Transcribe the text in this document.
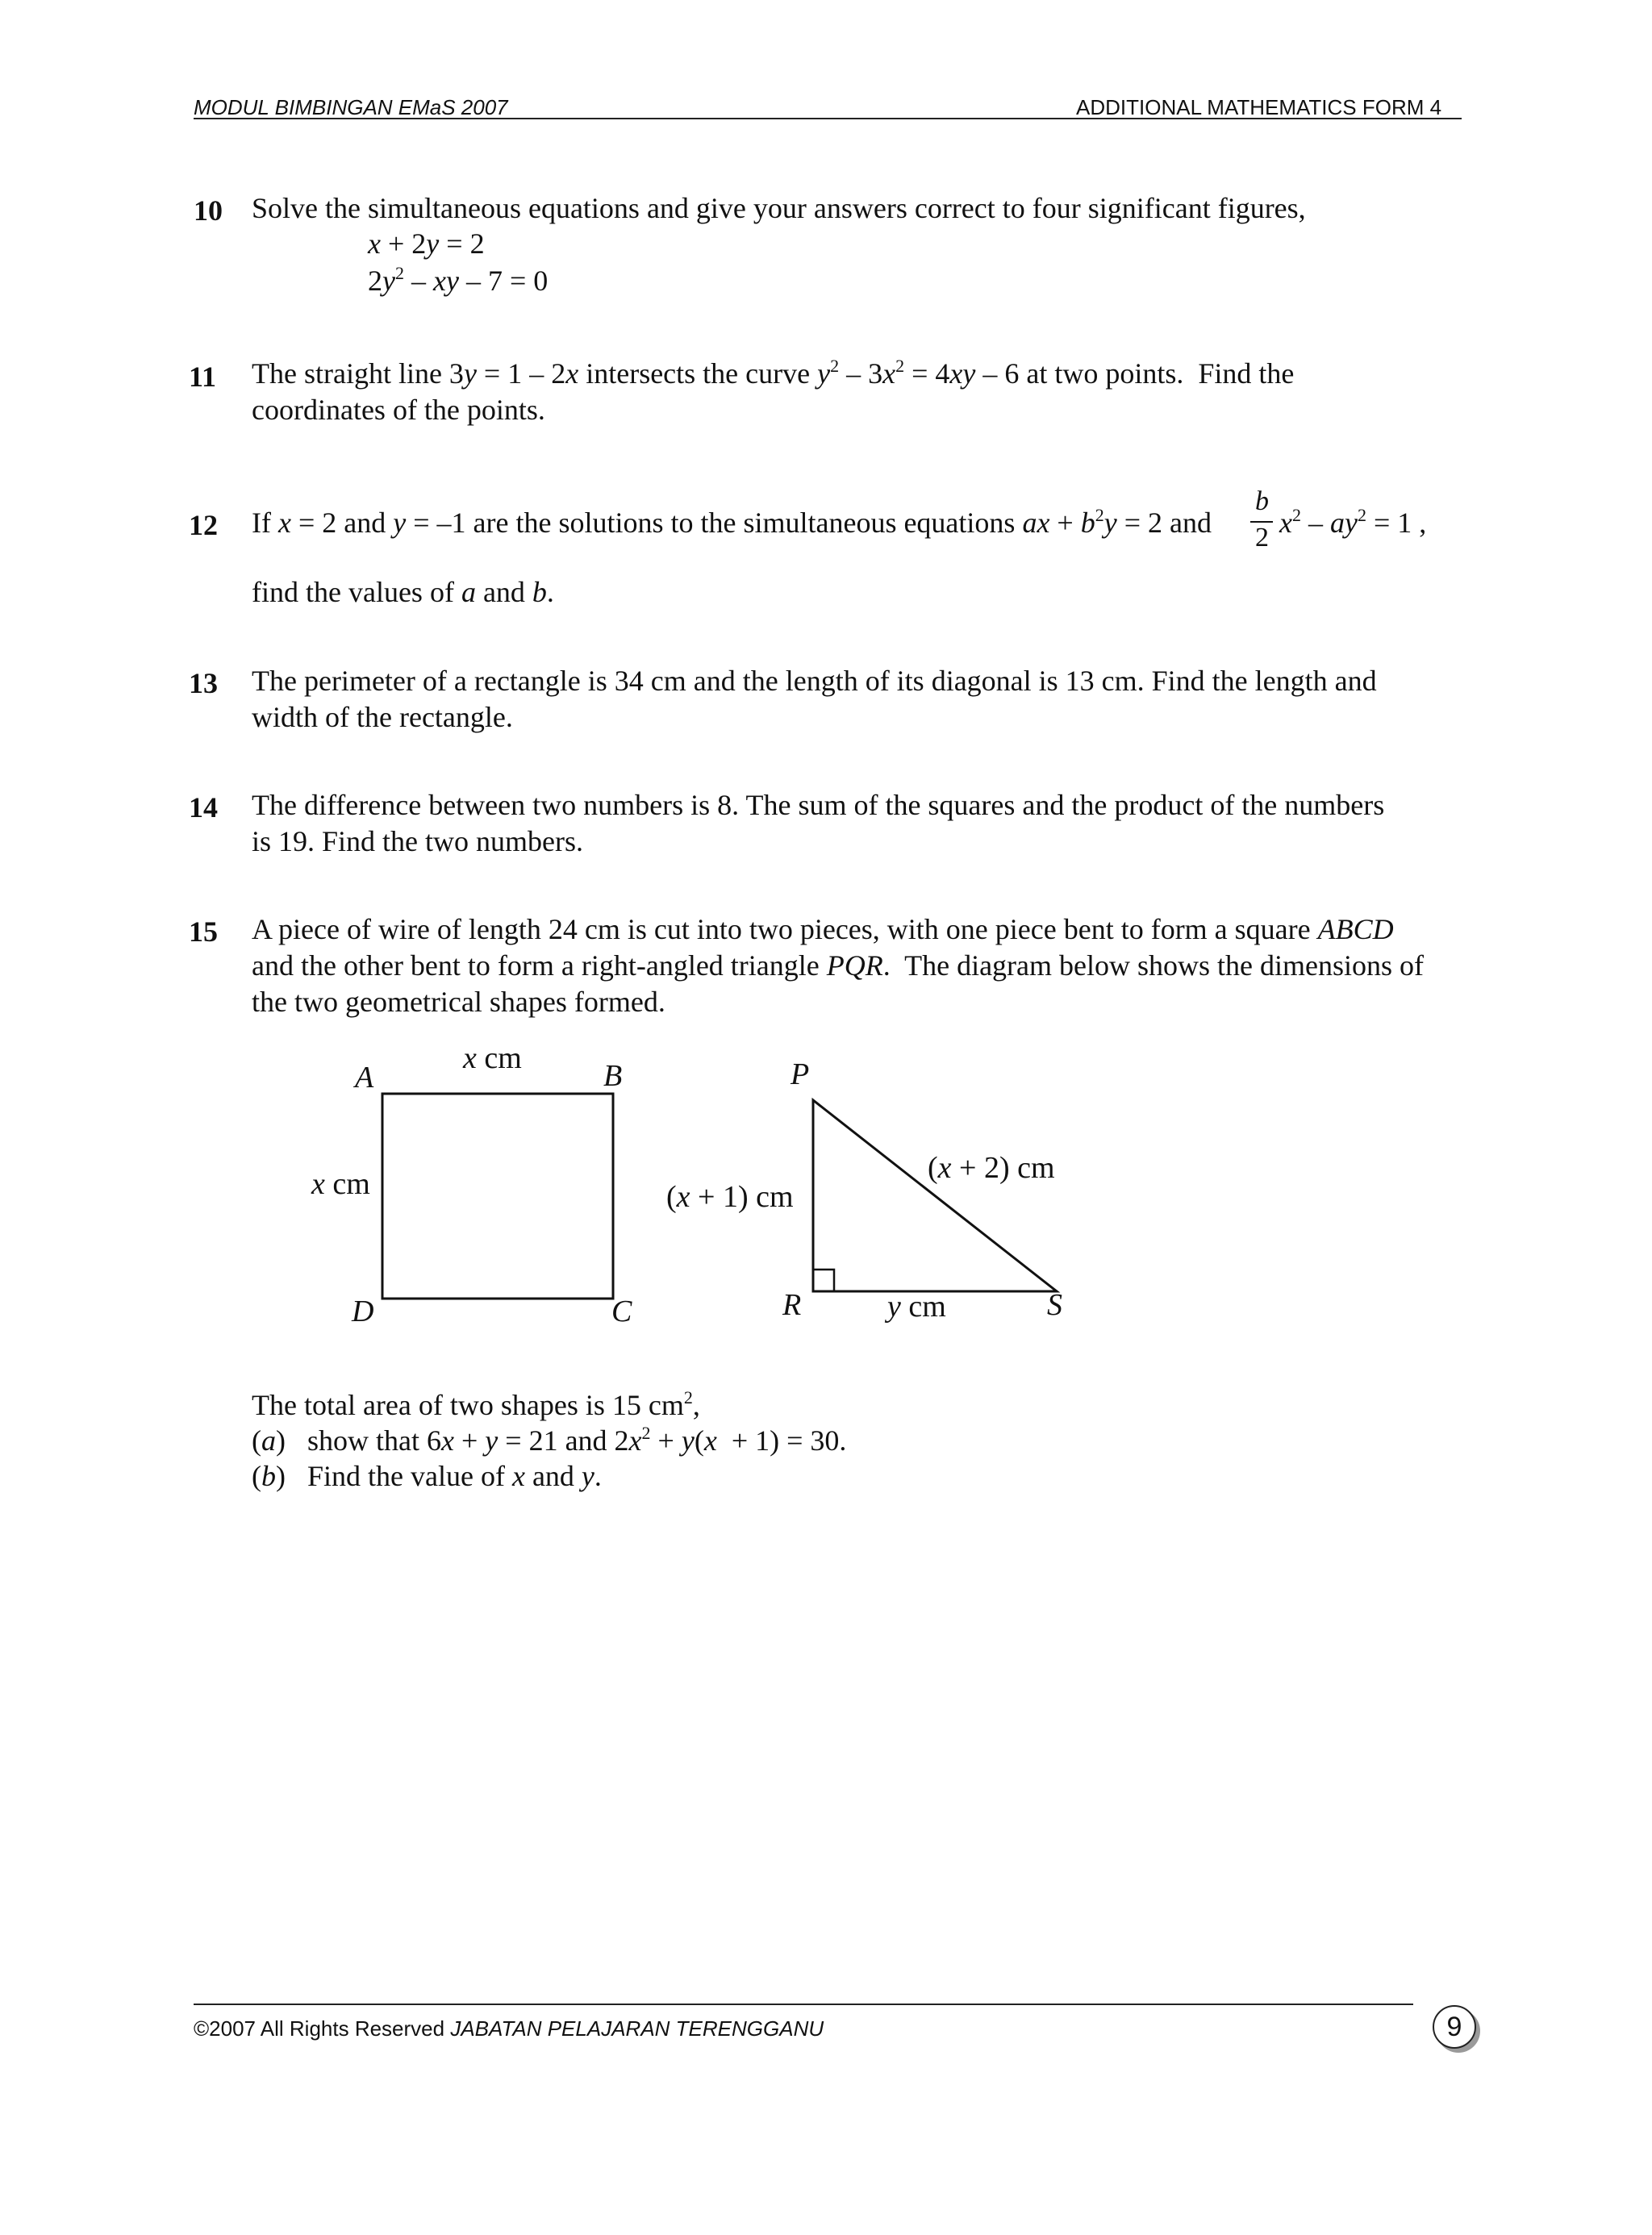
MODUL BIMBINGAN EMaS 2007	ADDITIONAL MATHEMATICS FORM 4
10 Solve the simultaneous equations and give your answers correct to four significant figures,
x + 2y = 2
$2y^2$ – xy – 7 = 0
11 The straight line 3y = 1 – 2x intersects the curve $y^2 - 3x^2 = 4xy - 6$ at two points.  Find the
coordinates of the points.
12 If x = 2 and y = –1 are the solutions to the simultaneous equations ax + $b^2y = 2$ and
b
2 $x^2 - ay^2 = 1$ ,
find the values of a and b.
13 The perimeter of a rectangle is 34 cm and the length of its diagonal is 13 cm. Find the length and
width of the rectangle.
14 The difference between two numbers is 8. The sum of the squares and the product of the numbers
is 19. Find the two numbers.
15 A piece of wire of length 24 cm is cut into two pieces, with one piece bent to form a square ABCD
and the other bent to form a right-angled triangle PQR.  The diagram below shows the dimensions of
the two geometrical shapes formed.
A	B
C
D
x cm
x cm
P
R	S
(x + 1) cm
(x + 2) cm
y cm
The total area of two shapes is 15 $cm^2$,
(a)   show that 6x + y = 21 and $2x^2 + y(x + 1) = 30$.
(b)   Find the value of x and y.
©2007 All Rights Reserved JABATAN PELAJARAN TERENGGANU	9
